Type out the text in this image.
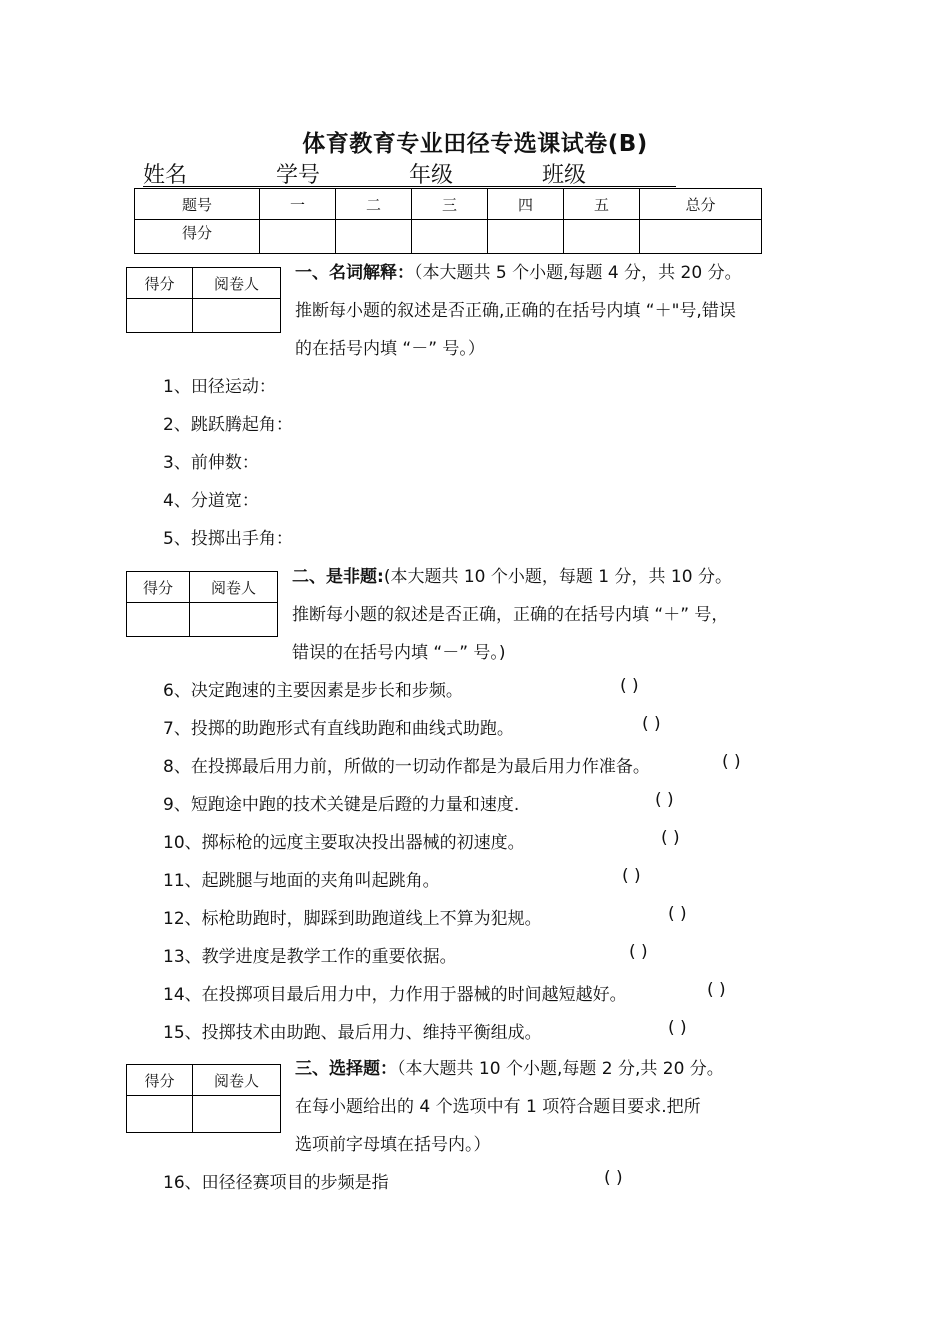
体育教育专业田径专选课试卷(B)
姓名	学号	年级	班级
题号	一	二	三	四	五	总分
得分						
得分	阅卷人

一、名词解释：（本大题共 5 个小题,每题 4 分，共 20 分。
推断每小题的叙述是否正确,正确的在括号内填 “＋"号,错误
的在括号内填 “－” 号。）
1、田径运动：
2、跳跃腾起角：
3、前伸数：
4、分道宽：
5、投掷出手角：
得分	阅卷人

二、是非题:(本大题共 10 个小题，每题 1 分，共 10 分。
推断每小题的叙述是否正确，正确的在括号内填 “＋” 号，
错误的在括号内填 “－” 号。)
6、决定跑速的主要因素是步长和步频。	( )
7、投掷的助跑形式有直线助跑和曲线式助跑。	( )
8、在投掷最后用力前，所做的一切动作都是为最后用力作准备。	( )
9、短跑途中跑的技术关键是后蹬的力量和速度.	( )
10、掷标枪的远度主要取决投出器械的初速度。	( )
11、起跳腿与地面的夹角叫起跳角。	( )
12、标枪助跑时，脚踩到助跑道线上不算为犯规。	( )
13、教学进度是教学工作的重要依据。	( )
14、在投掷项目最后用力中，力作用于器械的时间越短越好。	( )
15、投掷技术由助跑、最后用力、维持平衡组成。	( )
得分	阅卷人

三、选择题：（本大题共 10 个小题,每题 2 分,共 20 分。
在每小题给出的 4 个选项中有 1 项符合题目要求.把所
选项前字母填在括号内。）
16、田径径赛项目的步频是指	( )
